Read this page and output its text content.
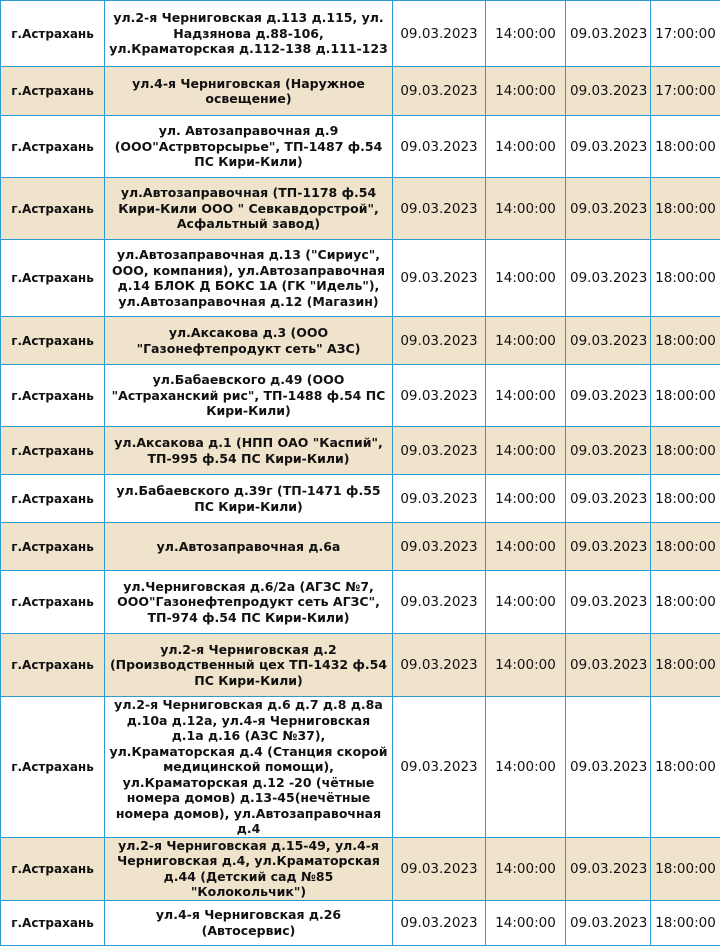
г.Астрахань	ул.2-я Черниговская д.113 д.115, ул. Надзянова д.88-106, ул.Краматорская д.112-138 д.111-123	09.03.2023	14:00:00	09.03.2023	17:00:00
г.Астрахань	ул.4-я Черниговская (Наружное освещение)	09.03.2023	14:00:00	09.03.2023	17:00:00
г.Астрахань	ул. Автозаправочная д.9 (ООО"Астрвторсырье", ТП-1487 ф.54 ПС Кири-Кили)	09.03.2023	14:00:00	09.03.2023	18:00:00
г.Астрахань	ул.Автозаправочная (ТП-1178 ф.54 Кири-Кили ООО " Севкавдорстрой", Асфальтный завод)	09.03.2023	14:00:00	09.03.2023	18:00:00
г.Астрахань	ул.Автозаправочная д.13 ("Сириус", ООО, компания), ул.Автозаправочная д.14 БЛОК Д БОКС 1А (ГК "Идель"), ул.Автозаправочная д.12 (Магазин)	09.03.2023	14:00:00	09.03.2023	18:00:00
г.Астрахань	ул.Аксакова д.3 (ООО "Газонефтепродукт сеть" АЗС)	09.03.2023	14:00:00	09.03.2023	18:00:00
г.Астрахань	ул.Бабаевского д.49 (ООО "Астраханский рис", ТП-1488 ф.54 ПС Кири-Кили)	09.03.2023	14:00:00	09.03.2023	18:00:00
г.Астрахань	ул.Аксакова д.1 (НПП ОАО "Каспий", ТП-995 ф.54 ПС Кири-Кили)	09.03.2023	14:00:00	09.03.2023	18:00:00
г.Астрахань	ул.Бабаевского д.39г (ТП-1471 ф.55 ПС Кири-Кили)	09.03.2023	14:00:00	09.03.2023	18:00:00
г.Астрахань	ул.Автозаправочная д.6а	09.03.2023	14:00:00	09.03.2023	18:00:00
г.Астрахань	ул.Черниговская д.6/2а (АГЗС №7, ООО"Газонефтепродукт сеть АГЗС", ТП-974 ф.54 ПС Кири-Кили)	09.03.2023	14:00:00	09.03.2023	18:00:00
г.Астрахань	ул.2-я Черниговская д.2 (Производственный цех ТП-1432 ф.54 ПС Кири-Кили)	09.03.2023	14:00:00	09.03.2023	18:00:00
г.Астрахань	ул.2-я Черниговская д.6 д.7 д.8 д.8а д.10а д.12а, ул.4-я Черниговская д.1а д.16 (АЗС №37), ул.Краматорская д.4 (Станция скорой медицинской помощи), ул.Краматорская д.12 -20 (чётные номера домов) д.13-45(нечётные номера домов), ул.Автозаправочная д.4	09.03.2023	14:00:00	09.03.2023	18:00:00
г.Астрахань	ул.2-я Черниговская д.15-49, ул.4-я Черниговская д.4, ул.Краматорская д.44 (Детский сад №85 "Колокольчик")	09.03.2023	14:00:00	09.03.2023	18:00:00
г.Астрахань	ул.4-я Черниговская д.26 (Автосервис)	09.03.2023	14:00:00	09.03.2023	18:00:00
